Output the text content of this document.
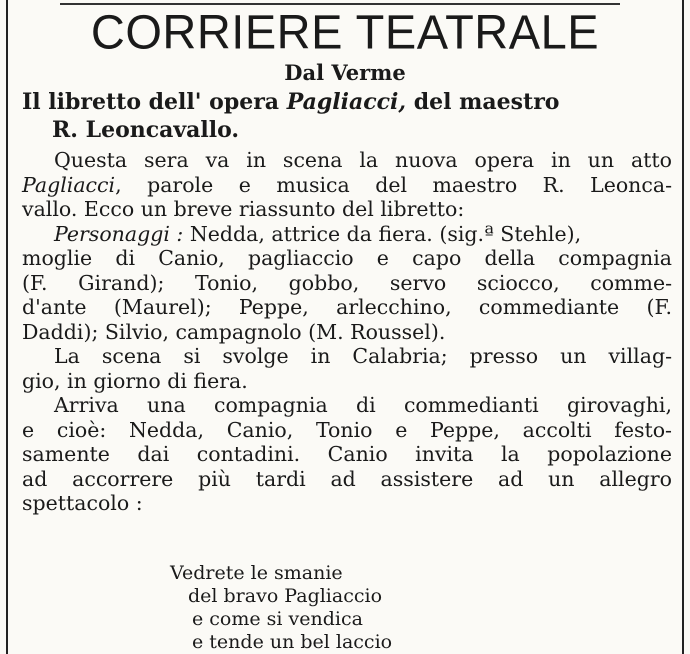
CORRIERE TEATRALE
Dal Verme
Il libretto dell' opera Pagliacci, del maestro
R. Leoncavallo.
Questa sera va in scena la nuova opera in un atto
Pagliacci, parole e musica del maestro R. Leonca-
vallo. Ecco un breve riassunto del libretto:
Personaggi : Nedda, attrice da fiera. (sig.ª Stehle),
moglie di Canio, pagliaccio e capo della compagnia
(F. Girand); Tonio, gobbo, servo sciocco, comme-
d'ante (Maurel); Peppe, arlecchino, commediante (F.
Daddi); Silvio, campagnolo (M. Roussel).
La scena si svolge in Calabria; presso un villag-
gio, in giorno di fiera.
Arriva una compagnia di commedianti girovaghi,
e cioè: Nedda, Canio, Tonio e Peppe, accolti festo-
samente dai contadini. Canio invita la popolazione
ad accorrere più tardi ad assistere ad un allegro
spettacolo :
Vedrete le smanie
del bravo Pagliaccio
e come si vendica
e tende un bel laccio
